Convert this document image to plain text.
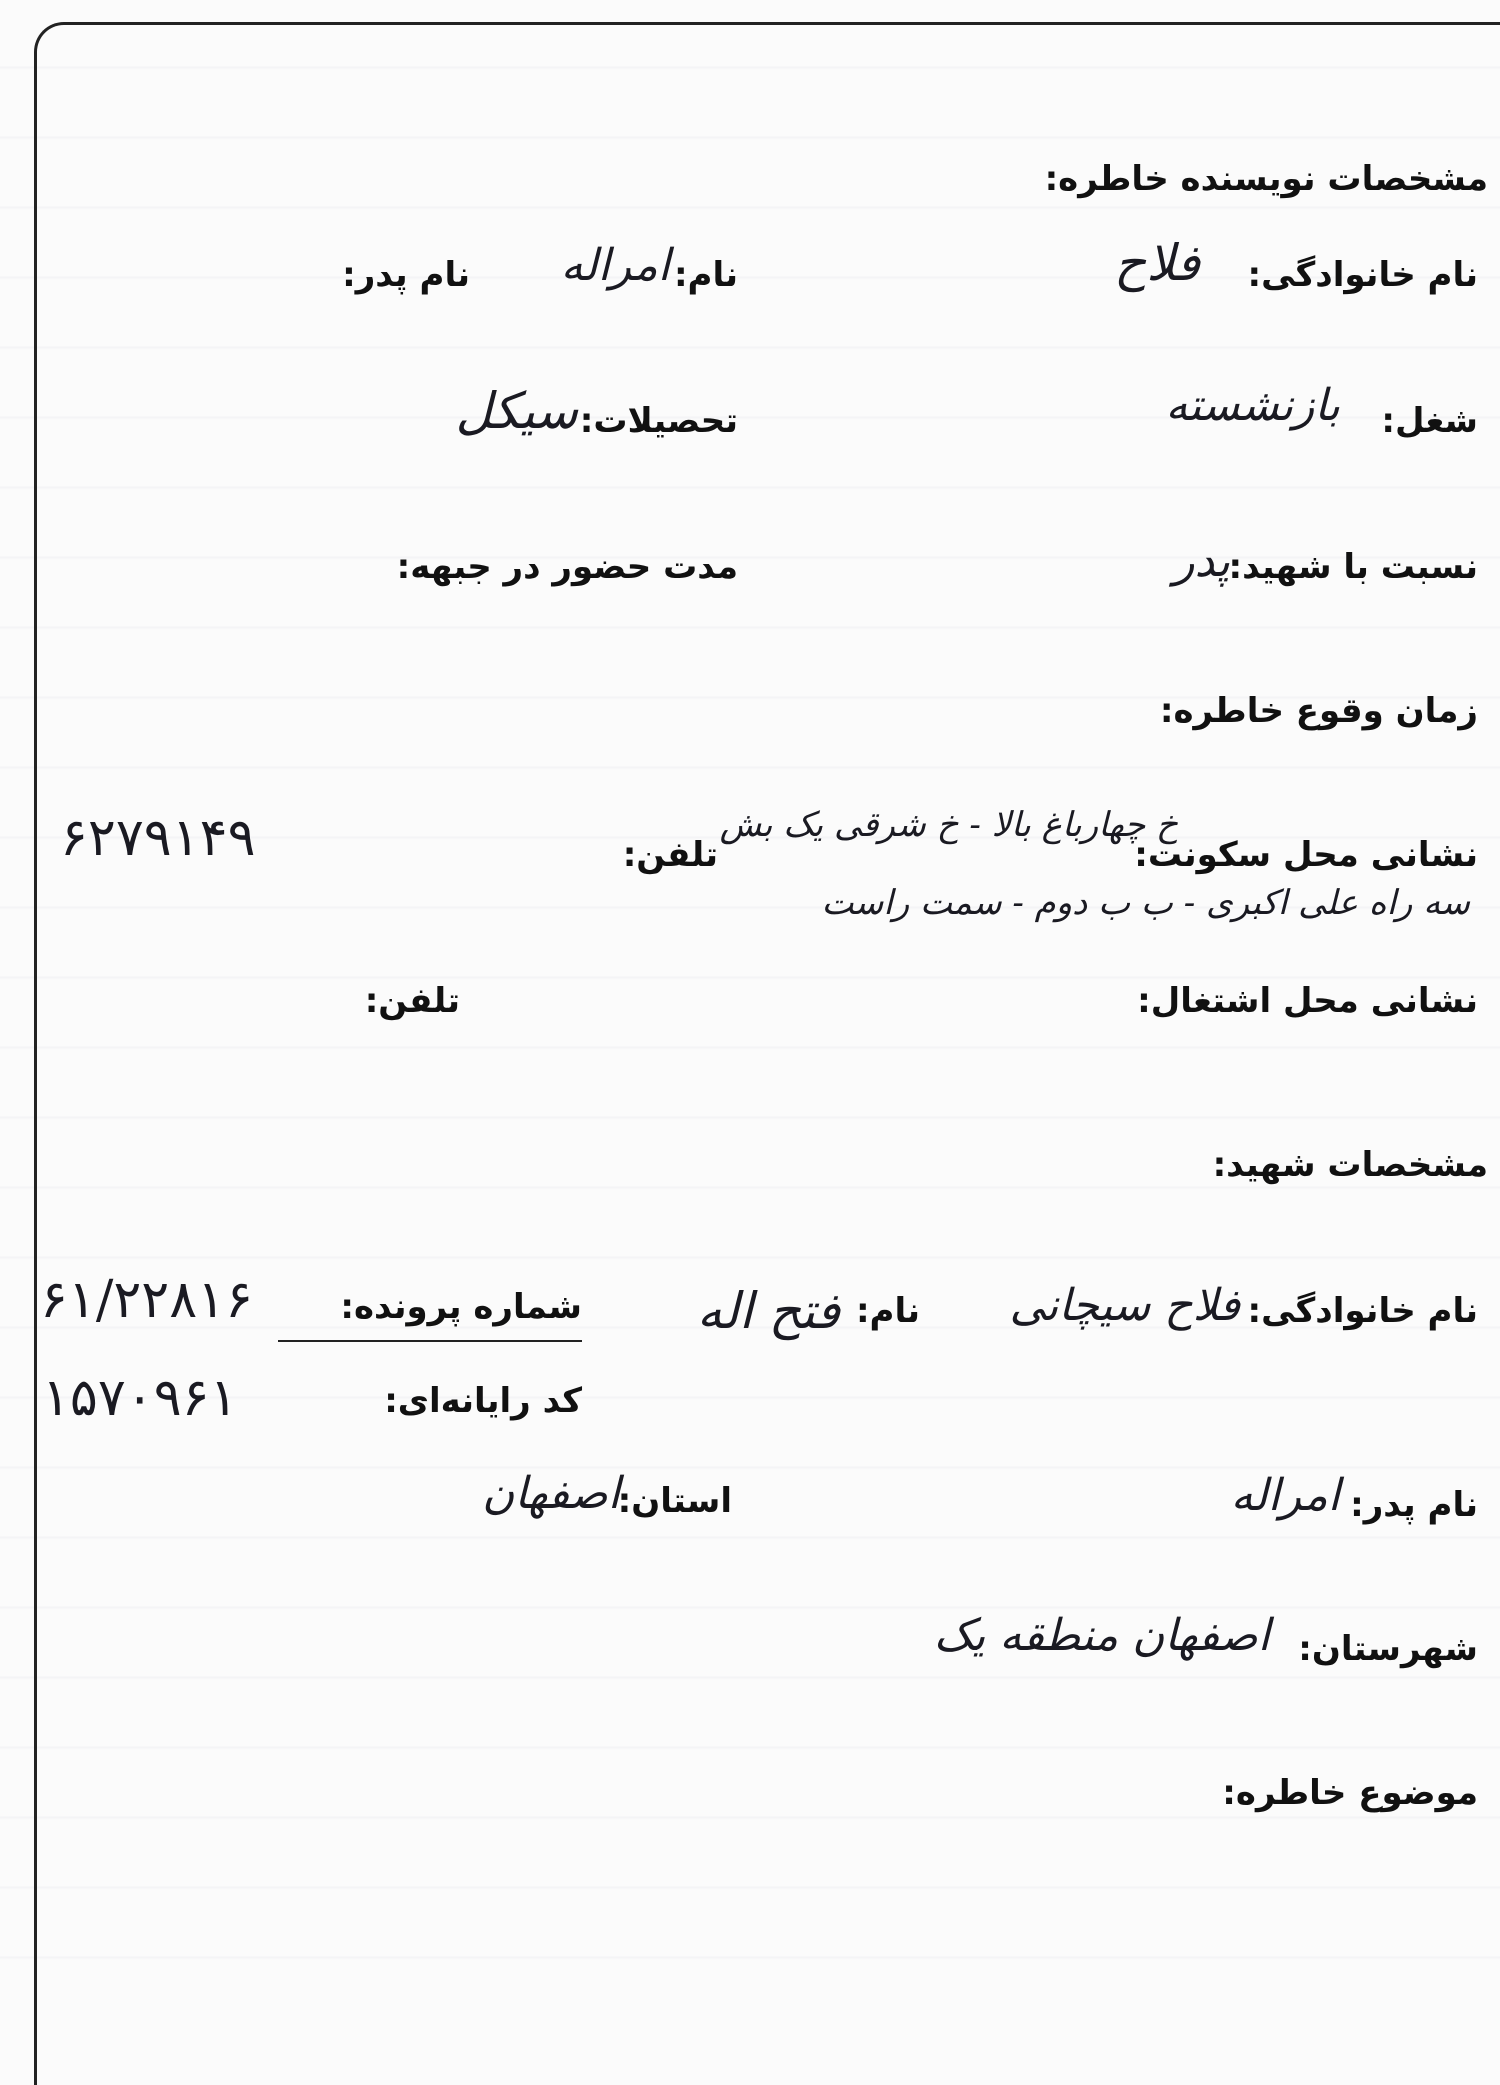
مشخصات نویسنده خاطره:
نام خانوادگی:
فلاح
نام:
امراله
نام پدر:
شغل:
بازنشسته
تحصیلات:
سیکل
نسبت با شهید:
پدر
مدت حضور در جبهه:
زمان وقوع خاطره:
نشانی محل سکونت:
خ چهارباغ بالا - خ شرقی یک بش
تلفن:
۶۲۷۹۱۴۹
سه راه علی اکبری - ب ب دوم - سمت راست
نشانی محل اشتغال:
تلفن:
مشخصات شهید:
نام خانوادگی:
فلاح سیچانی
نام:
فتح اله
شماره پرونده:
۶۱/۲۲۸۱۶
کد رایانه‌ای:
۱۵۷۰۹۶۱
نام پدر:
امراله
استان:
اصفهان
شهرستان:
اصفهان منطقه یک
موضوع خاطره:
